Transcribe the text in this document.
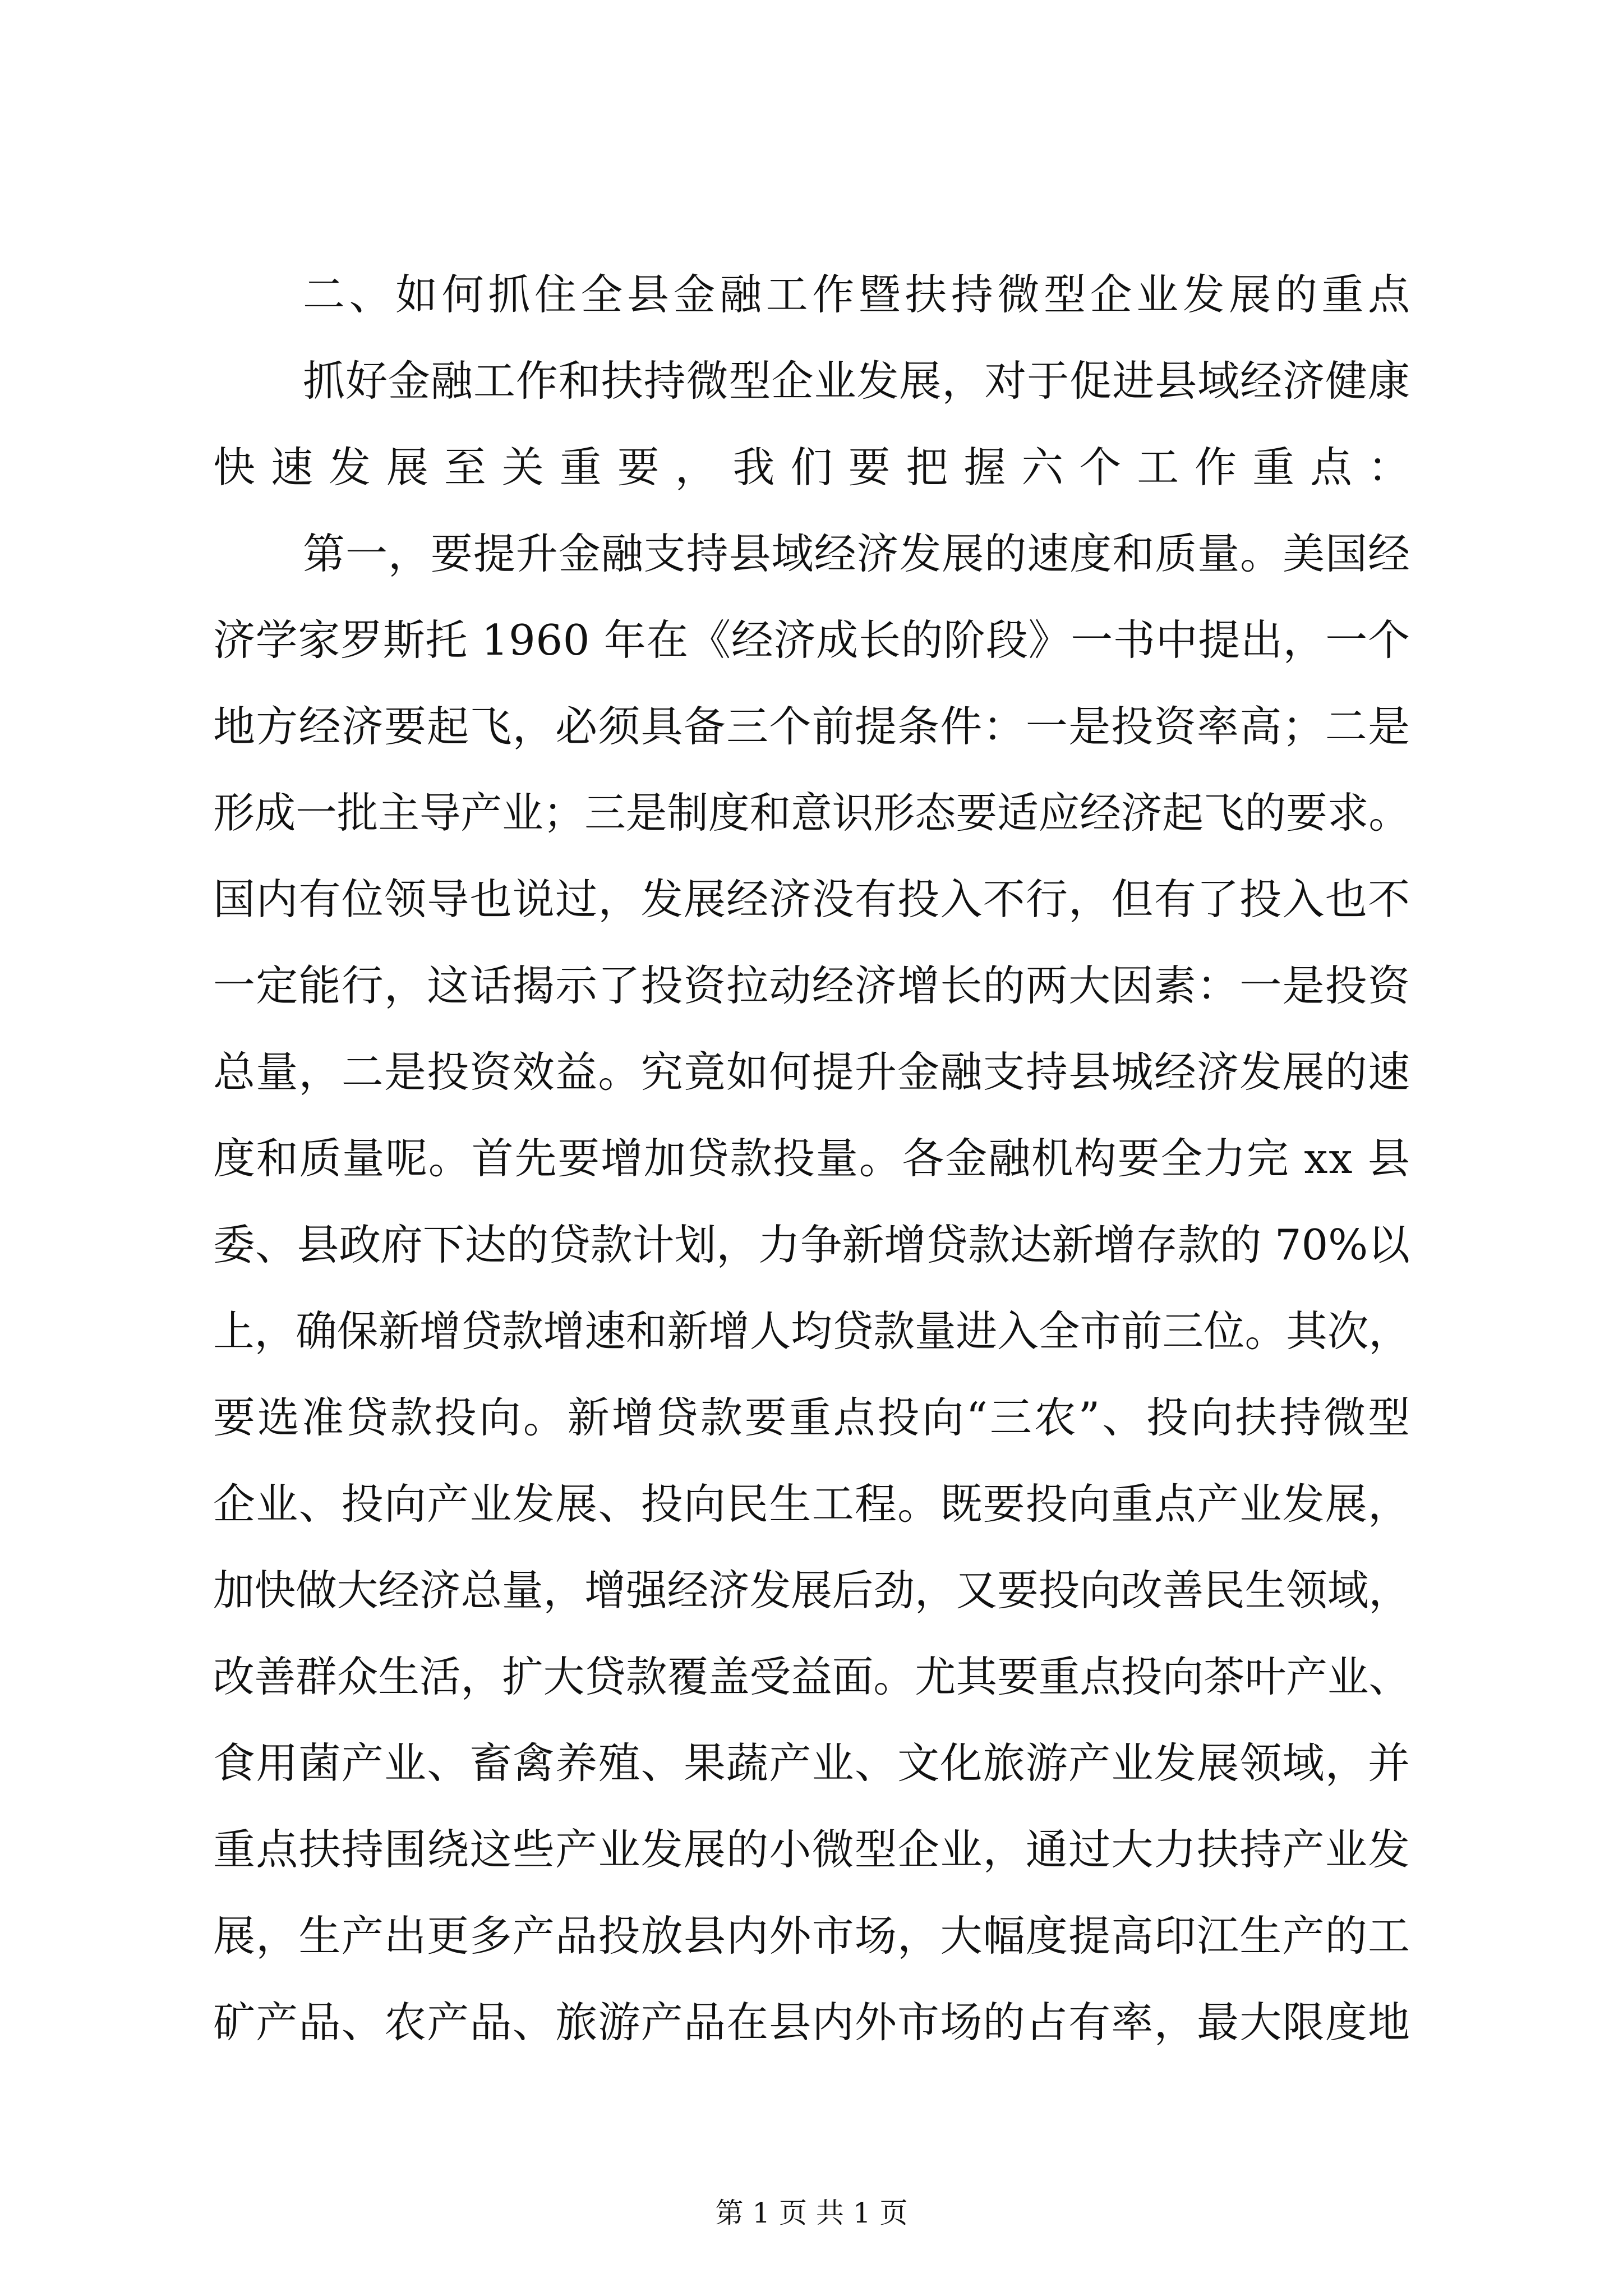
二、如何抓住全县金融工作暨扶持微型企业发展的重点
抓好金融工作和扶持微型企业发展，对于促进县域经济健康
快速发展至关重要，我们要把握六个工作重点：
第一，要提升金融支持县域经济发展的速度和质量。美国经
济学家罗斯托 1960 年在《经济成长的阶段》一书中提出，一个
地方经济要起飞，必须具备三个前提条件：一是投资率高；二是
形成一批主导产业；三是制度和意识形态要适应经济起飞的要求。
国内有位领导也说过，发展经济没有投入不行，但有了投入也不
一定能行，这话揭示了投资拉动经济增长的两大因素：一是投资
总量，二是投资效益。究竟如何提升金融支持县城经济发展的速
度和质量呢。首先要增加贷款投量。各金融机构要全力完 xx 县
委、县政府下达的贷款计划，力争新增贷款达新增存款的 70%以
上，确保新增贷款增速和新增人均贷款量进入全市前三位。其次，
要选准贷款投向。新增贷款要重点投向“三农”、投向扶持微型
企业、投向产业发展、投向民生工程。既要投向重点产业发展，
加快做大经济总量，增强经济发展后劲，又要投向改善民生领域，
改善群众生活，扩大贷款覆盖受益面。尤其要重点投向茶叶产业、
食用菌产业、畜禽养殖、果蔬产业、文化旅游产业发展领域，并
重点扶持围绕这些产业发展的小微型企业，通过大力扶持产业发
展，生产出更多产品投放县内外市场，大幅度提高印江生产的工
矿产品、农产品、旅游产品在县内外市场的占有率，最大限度地
第 1 页 共 1 页
